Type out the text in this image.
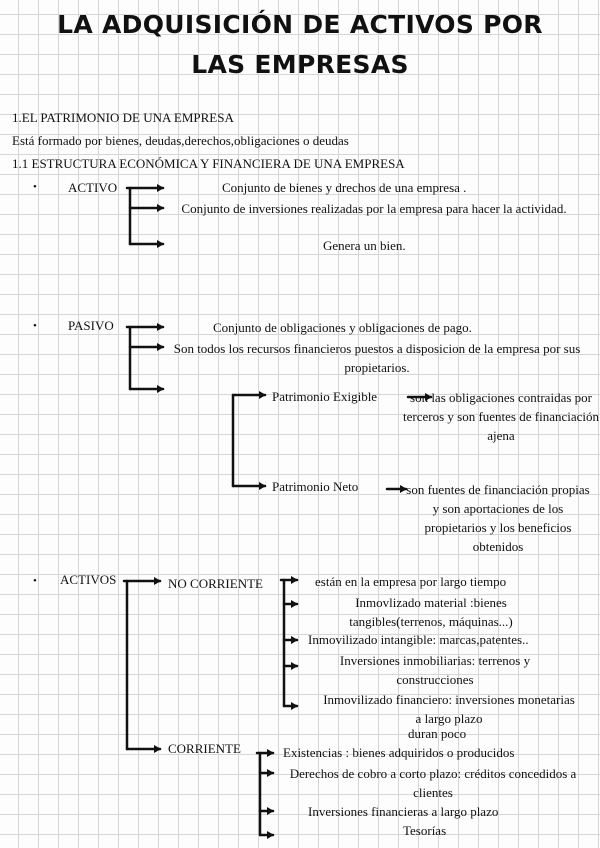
LA ADQUISICIÓN DE ACTIVOS POR
LAS EMPRESAS
1.EL PATRIMONIO DE UNA EMPRESA
Está formado por bienes, deudas,derechos,obligaciones o deudas
1.1 ESTRUCTURA ECONÓMICA Y FINANCIERA DE UNA EMPRESA
• ACTIVO	Conjunto de bienes y drechos de una empresa .
Conjunto de inversiones realizadas por la empresa para hacer la actividad.
Genera un bien.
• PASIVO	Conjunto de obligaciones y obligaciones de pago.
Son todos los recursos financieros puestos a disposicion de la empresa por sus propietarios.
Patrimonio Exigible	son las obligaciones contraidas por terceros y son fuentes de financiación ajena
Patrimonio Neto	son fuentes de financiación propias y son aportaciones de los propietarios y los beneficios obtenidos
• ACTIVOS	NO CORRIENTE	están en la empresa por largo tiempo
Inmovlizado material :bienes tangibles(terrenos, máquinas...)
Inmovilizado intangible: marcas,patentes..
Inversiones inmobiliarias: terrenos y construcciones
Inmovilizado financiero: inversiones monetarias a largo plazo
duran poco
CORRIENTE	Existencias : bienes adquiridos o producidos
Derechos de cobro a corto plazo: créditos concedidos a clientes
Inversiones financieras a largo plazo
Tesorías
